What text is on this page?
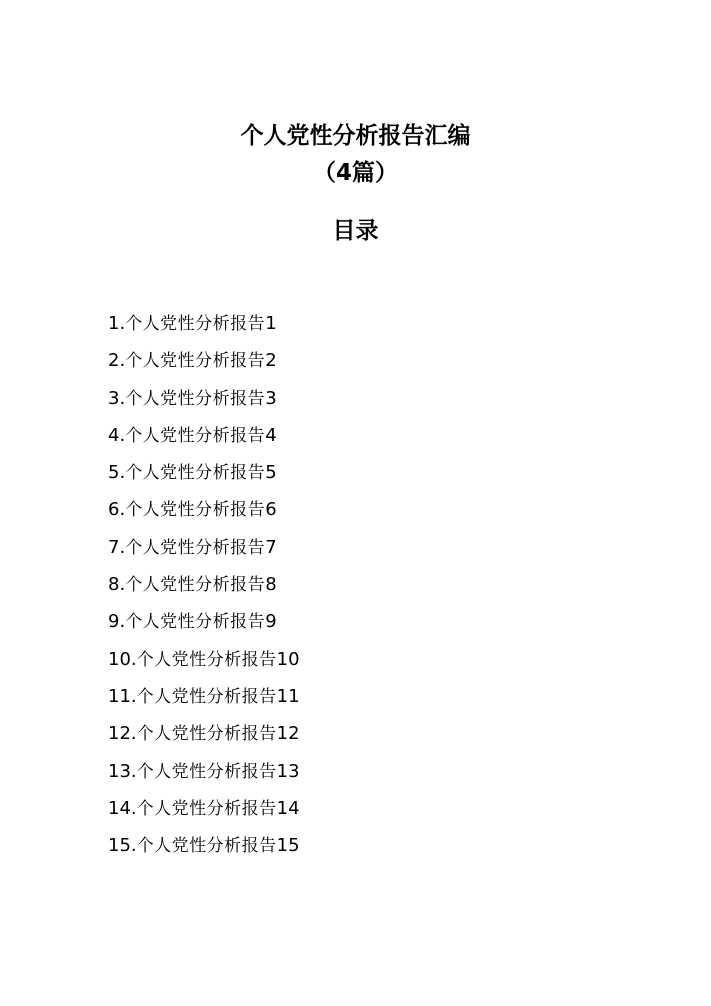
个人党性分析报告汇编
（4篇）
目录
1.个人党性分析报告1
2.个人党性分析报告2
3.个人党性分析报告3
4.个人党性分析报告4
5.个人党性分析报告5
6.个人党性分析报告6
7.个人党性分析报告7
8.个人党性分析报告8
9.个人党性分析报告9
10.个人党性分析报告10
11.个人党性分析报告11
12.个人党性分析报告12
13.个人党性分析报告13
14.个人党性分析报告14
15.个人党性分析报告15
